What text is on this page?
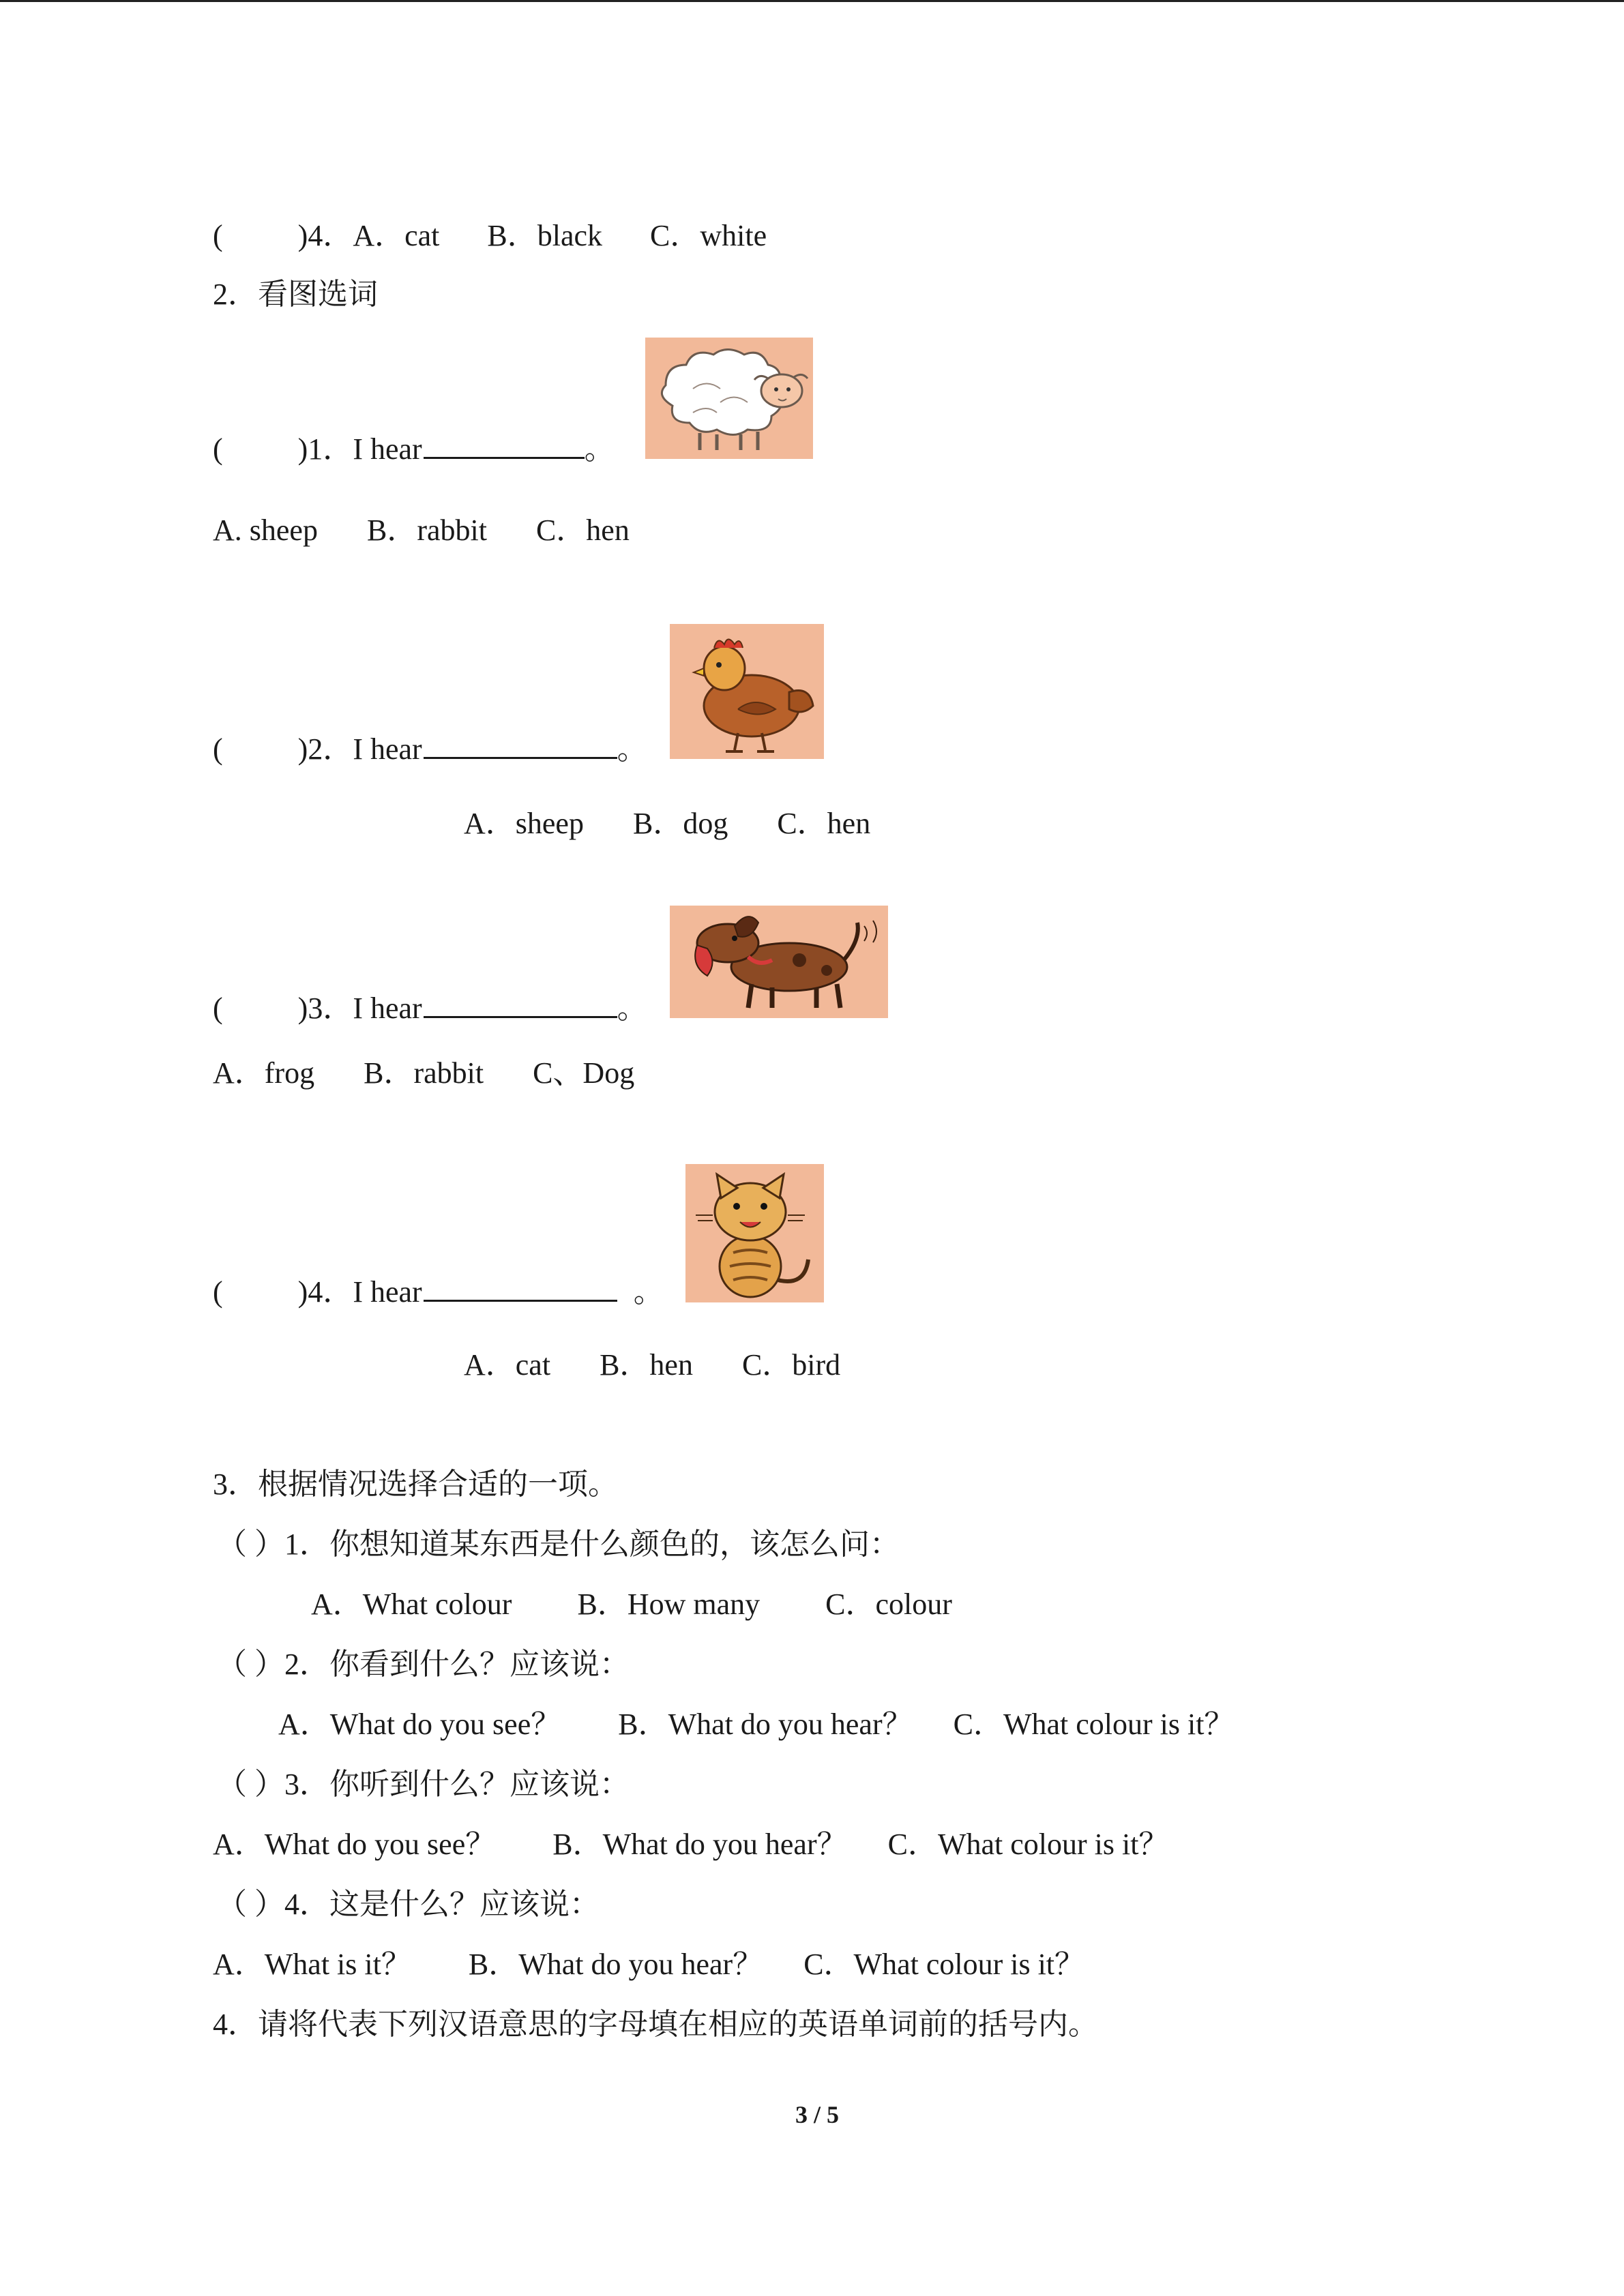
(	)4．A．cat B．black C．white
2．看图选词
(	)1．I hear	。
A. sheep B．rabbit C．hen
(	)2．I hear	。
A．sheep B．dog C．hen
(	)3．I hear	。
A．frog B．rabbit C、Dog
(	)4．I hear	。
A．cat B．hen C．bird
3．根据情况选择合适的一项。
（ ）1．你想知道某东西是什么颜色的，该怎么问：
A．What colour B．How many C．colour
（ ）2．你看到什么？应该说：
A．What do you see？ B．What do you hear？ C．What colour is it？
（ ）3．你听到什么？应该说：
A．What do you see？ B．What do you hear？ C．What colour is it？
（ ）4．这是什么？应该说：
A．What is it？ B．What do you hear？ C．What colour is it？
4．请将代表下列汉语意思的字母填在相应的英语单词前的括号内。
3 / 5
